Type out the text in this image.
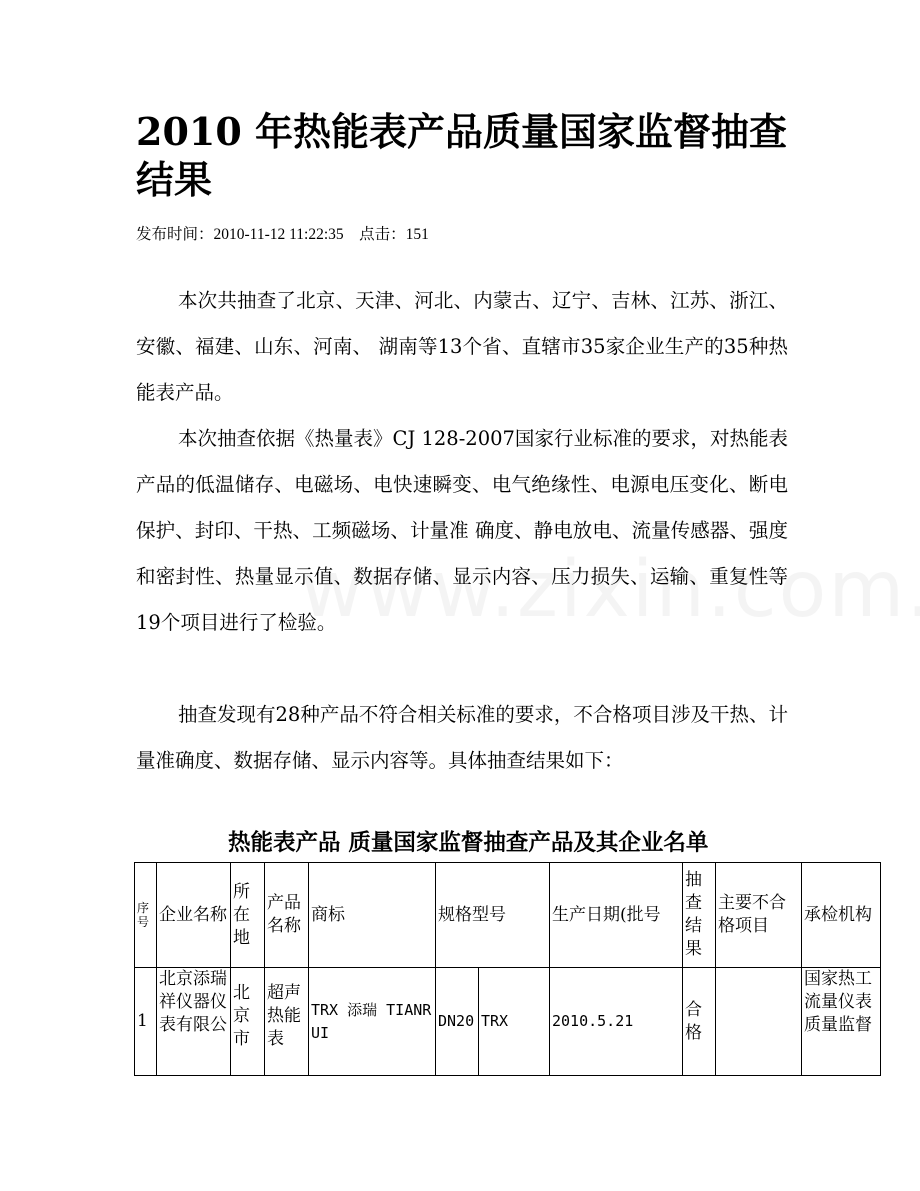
2010 年热能表产品质量国家监督抽查结果
发布时间：2010-11-12 11:22:35    点击：151
本次共抽查了北京、天津、河北、内蒙古、辽宁、吉林、江苏、浙江、安徽、福建、山东、河南、 湖南等13个省、直辖市35家企业生产的35种热能表产品。
本次抽查依据《热量表》CJ 128-2007国家行业标准的要求，对热能表产品的低温储存、电磁场、电快速瞬变、电气绝缘性、电源电压变化、断电保护、封印、干热、工频磁场、计量准 确度、静电放电、流量传感器、强度和密封性、热量显示值、数据存储、显示内容、压力损失、运输、重复性等19个项目进行了检验。
抽查发现有28种产品不符合相关标准的要求，不合格项目涉及干热、计量准确度、数据存储、显示内容等。具体抽查结果如下：
热能表产品 质量国家监督抽查产品及其企业名单
序号	企业名称	所在地	产品名称	商标	规格型号		生产日期(批号	抽查结果	主要不合格项目	承检机构
1	北京添瑞祥仪器仪表有限公	北京市	超声热能表	TRX 添瑞 TIANRUI	DN20	TRX	2010.5.21	合格		国家热工流量仪表质量监督
